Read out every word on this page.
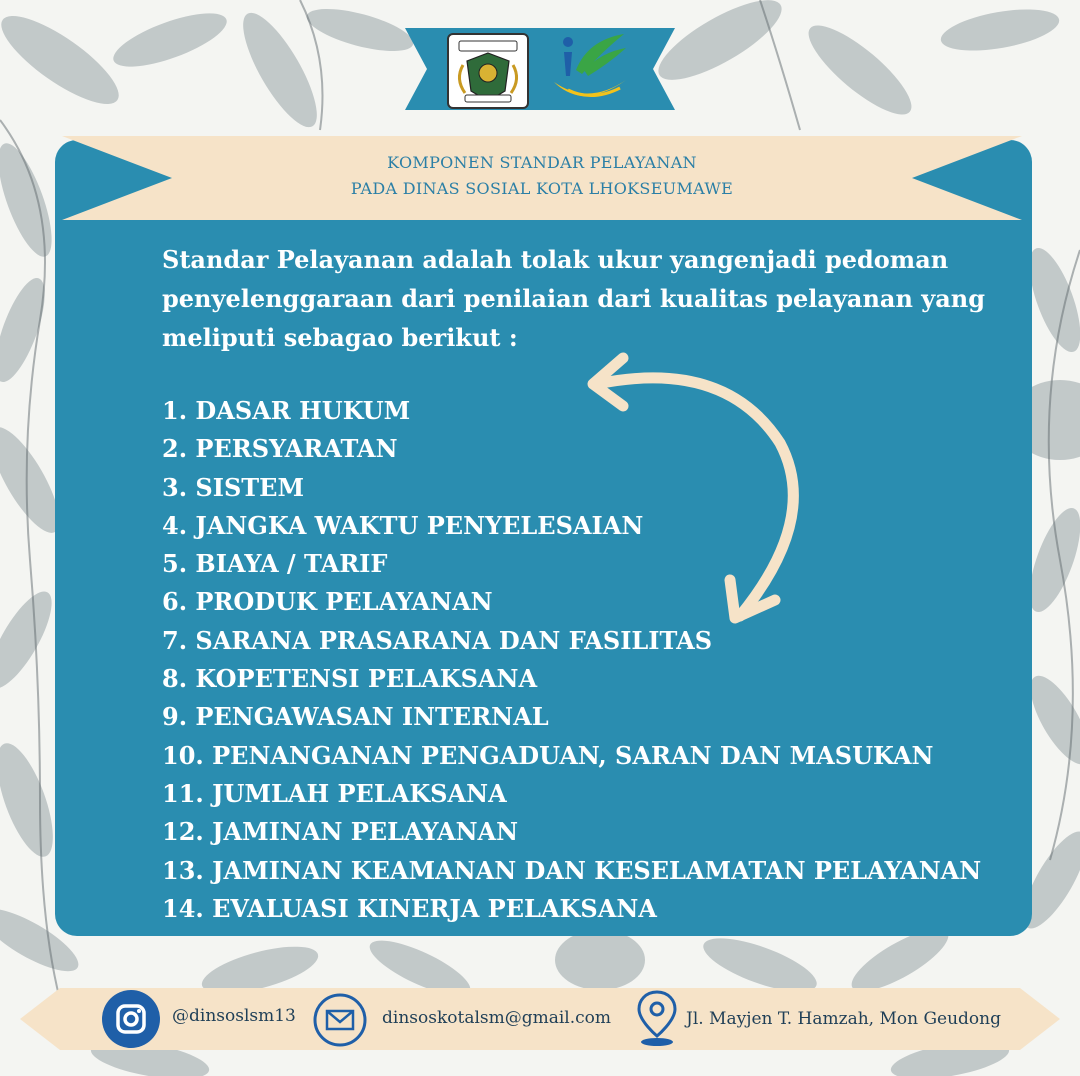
KOMPONEN STANDAR PELAYANAN
PADA DINAS SOSIAL KOTA LHOKSEUMAWE
Standar Pelayanan adalah tolak ukur yangenjadi pedoman penyelenggaraan dari penilaian dari kualitas pelayanan yang meliputi sebagao berikut :
1. DASAR HUKUM
2. PERSYARATAN
3. SISTEM
4. JANGKA WAKTU PENYELESAIAN
5. BIAYA / TARIF
6. PRODUK PELAYANAN
7. SARANA PRASARANA DAN FASILITAS
8. KOPETENSI PELAKSANA
9. PENGAWASAN INTERNAL
10. PENANGANAN PENGADUAN, SARAN DAN MASUKAN
11. JUMLAH PELAKSANA
12. JAMINAN PELAYANAN
13. JAMINAN KEAMANAN DAN KESELAMATAN PELAYANAN
14. EVALUASI KINERJA PELAKSANA
@dinsoslsm13	dinsoskotalsm@gmail.com	Jl. Mayjen T. Hamzah, Mon Geudong
